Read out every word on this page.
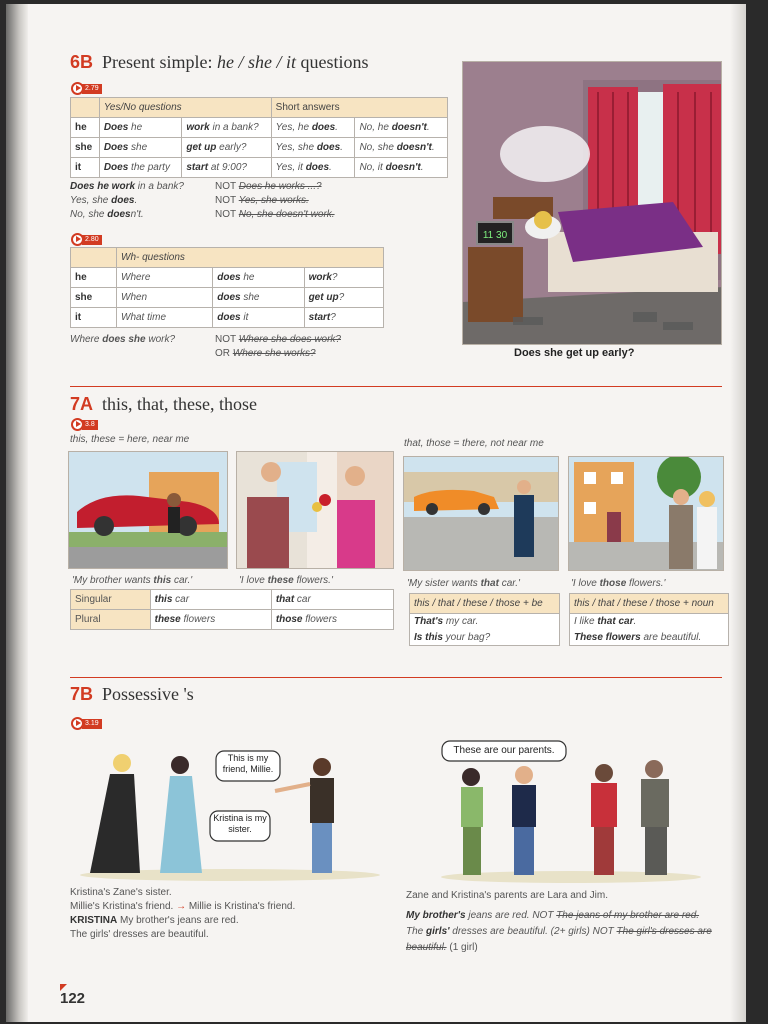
6B Present simple: he / she / it questions
2.79
	Yes/No questions		Short answers	
he	Does he	work in a bank?	Yes, he does.	No, he doesn't.
she	Does she	get up early?	Yes, she does.	No, she doesn't.
it	Does the party	start at 9:00?	Yes, it does.	No, it doesn't.
Does he work in a bank?	NOT Does he works ...?
Yes, she does.	NOT Yes, she works.
No, she doesn't.	NOT No, she doesn't work.
2.80
	Wh- questions		
he	Where	does he	work?
she	When	does she	get up?
it	What time	does it	start?
Where does she work?	NOT Where she does work?
OR Where she works?
11 30
Does she get up early?
7A this, that, these, those
3.8
this, these = here, near me	that, those = there, not near me
'My brother wants this car.'	'I love these flowers.'	'My sister wants that car.'	'I love those flowers.'
Singular	this car	that car
Plural	these flowers	those flowers
this / that / these / those + be
That's my car.
Is this your bag?
this / that / these / those + noun
I like that car.
These flowers are beautiful.
7B Possessive 's
3.19
This is my friend, Millie.
Kristina is my sister.
These are our parents.
Kristina's Zane's sister.
Millie's Kristina's friend. → Millie is Kristina's friend.
KRISTINA My brother's jeans are red.
The girls' dresses are beautiful.
Zane and Kristina's parents are Lara and Jim.
My brother's jeans are red. NOT The jeans of my brother are red.
The girls' dresses are beautiful. (2+ girls) NOT The girl's dresses are beautiful. (1 girl)
122
